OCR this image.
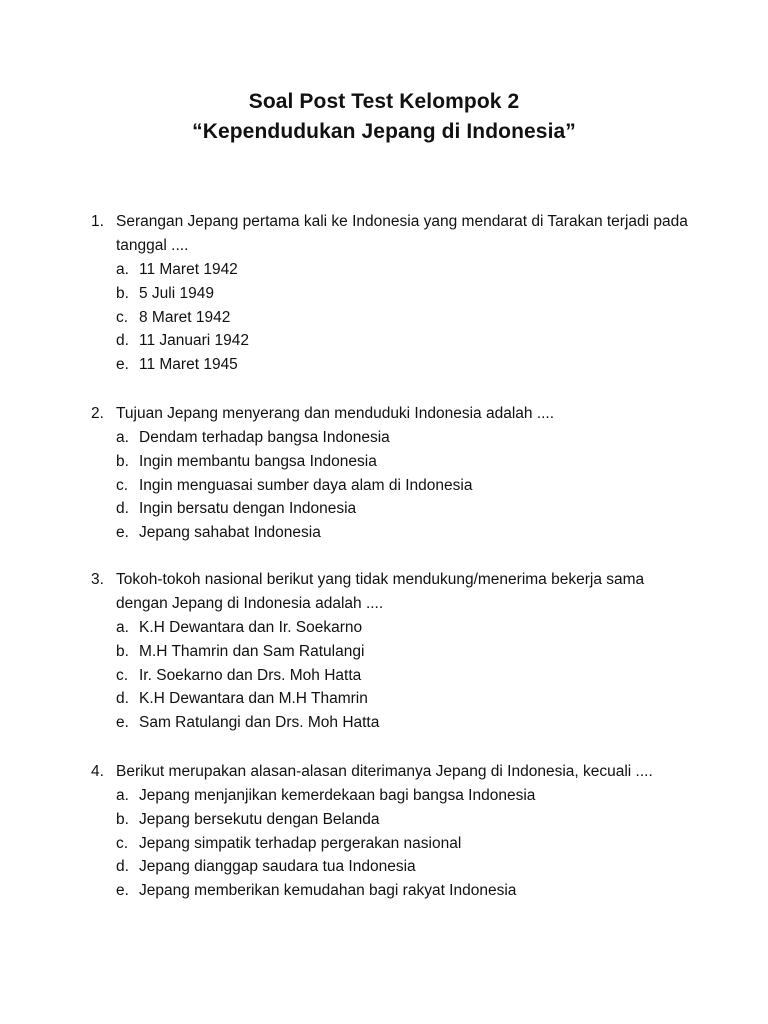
Soal Post Test Kelompok 2
“Kependudukan Jepang di Indonesia”
1. Serangan Jepang pertama kali ke Indonesia yang mendarat di Tarakan terjadi pada tanggal ....
a. 11 Maret 1942
b. 5 Juli 1949
c. 8 Maret 1942
d. 11 Januari 1942
e. 11 Maret 1945
2. Tujuan Jepang menyerang dan menduduki Indonesia adalah ....
a. Dendam terhadap bangsa Indonesia
b. Ingin membantu bangsa Indonesia
c. Ingin menguasai sumber daya alam di Indonesia
d. Ingin bersatu dengan Indonesia
e. Jepang sahabat Indonesia
3. Tokoh-tokoh nasional berikut yang tidak mendukung/menerima bekerja sama dengan Jepang di Indonesia adalah ....
a. K.H Dewantara dan Ir. Soekarno
b. M.H Thamrin dan Sam Ratulangi
c. Ir. Soekarno dan Drs. Moh Hatta
d. K.H Dewantara dan M.H Thamrin
e. Sam Ratulangi dan Drs. Moh Hatta
4. Berikut merupakan alasan-alasan diterimanya Jepang di Indonesia, kecuali ....
a. Jepang menjanjikan kemerdekaan bagi bangsa Indonesia
b. Jepang bersekutu dengan Belanda
c. Jepang simpatik terhadap pergerakan nasional
d. Jepang dianggap saudara tua Indonesia
e. Jepang memberikan kemudahan bagi rakyat Indonesia
